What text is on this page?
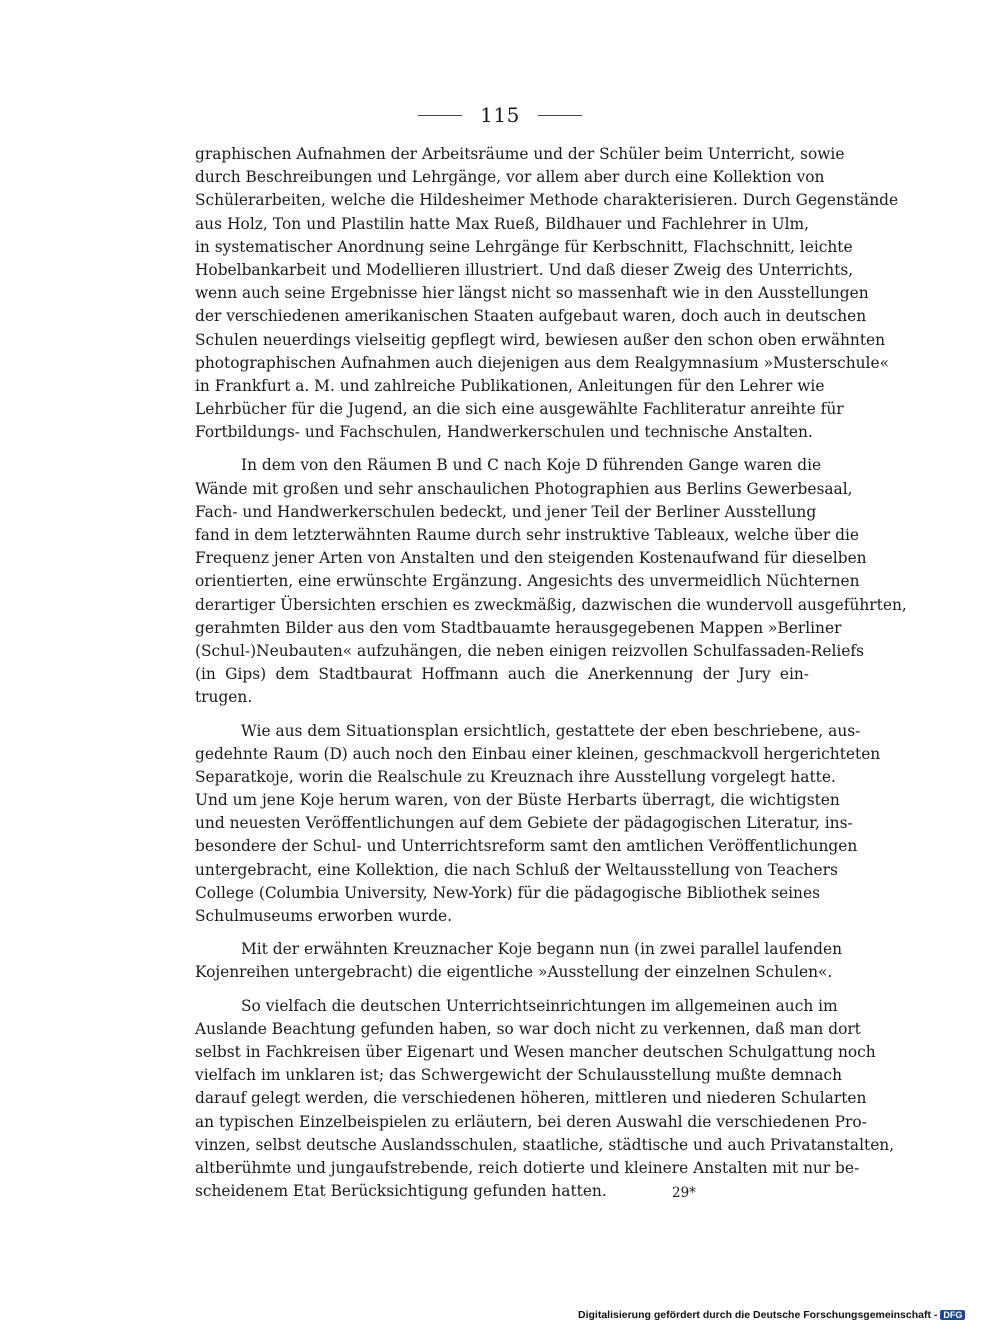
115
graphischen Aufnahmen der Arbeitsräume und der Schüler beim Unterricht, sowie
durch Beschreibungen und Lehrgänge, vor allem aber durch eine Kollektion von
Schülerarbeiten, welche die Hildesheimer Methode charakterisieren. Durch Gegenstände
aus Holz, Ton und Plastilin hatte Max Rueß, Bildhauer und Fachlehrer in Ulm,
in systematischer Anordnung seine Lehrgänge für Kerbschnitt, Flachschnitt, leichte
Hobelbankarbeit und Modellieren illustriert. Und daß dieser Zweig des Unterrichts,
wenn auch seine Ergebnisse hier längst nicht so massenhaft wie in den Ausstellungen
der verschiedenen amerikanischen Staaten aufgebaut waren, doch auch in deutschen
Schulen neuerdings vielseitig gepflegt wird, bewiesen außer den schon oben erwähnten
photographischen Aufnahmen auch diejenigen aus dem Realgymnasium »Musterschule«
in Frankfurt a. M. und zahlreiche Publikationen, Anleitungen für den Lehrer wie
Lehrbücher für die Jugend, an die sich eine ausgewählte Fachliteratur anreihte für
Fortbildungs- und Fachschulen, Handwerkerschulen und technische Anstalten.
In dem von den Räumen B und C nach Koje D führenden Gange waren die
Wände mit großen und sehr anschaulichen Photographien aus Berlins Gewerbesaal,
Fach- und Handwerkerschulen bedeckt, und jener Teil der Berliner Ausstellung
fand in dem letzterwähnten Raume durch sehr instruktive Tableaux, welche über die
Frequenz jener Arten von Anstalten und den steigenden Kostenaufwand für dieselben
orientierten, eine erwünschte Ergänzung. Angesichts des unvermeidlich Nüchternen
derartiger Übersichten erschien es zweckmäßig, dazwischen die wundervoll ausgeführten,
gerahmten Bilder aus den vom Stadtbauamte herausgegebenen Mappen »Berliner
(Schul-)Neubauten« aufzuhängen, die neben einigen reizvollen Schulfassaden-Reliefs
(in Gips) dem Stadtbaurat Hoffmann auch die Anerkennung der Jury ein-
trugen.
Wie aus dem Situationsplan ersichtlich, gestattete der eben beschriebene, aus-
gedehnte Raum (D) auch noch den Einbau einer kleinen, geschmackvoll hergerichteten
Separatkoje, worin die Realschule zu Kreuznach ihre Ausstellung vorgelegt hatte.
Und um jene Koje herum waren, von der Büste Herbarts überragt, die wichtigsten
und neuesten Veröffentlichungen auf dem Gebiete der pädagogischen Literatur, ins-
besondere der Schul- und Unterrichtsreform samt den amtlichen Veröffentlichungen
untergebracht, eine Kollektion, die nach Schluß der Weltausstellung von Teachers
College (Columbia University, New-York) für die pädagogische Bibliothek seines
Schulmuseums erworben wurde.
Mit der erwähnten Kreuznacher Koje begann nun (in zwei parallel laufenden
Kojenreihen untergebracht) die eigentliche »Ausstellung der einzelnen Schulen«.
So vielfach die deutschen Unterrichtseinrichtungen im allgemeinen auch im
Auslande Beachtung gefunden haben, so war doch nicht zu verkennen, daß man dort
selbst in Fachkreisen über Eigenart und Wesen mancher deutschen Schulgattung noch
vielfach im unklaren ist; das Schwergewicht der Schulausstellung mußte demnach
darauf gelegt werden, die verschiedenen höheren, mittleren und niederen Schularten
an typischen Einzelbeispielen zu erläutern, bei deren Auswahl die verschiedenen Pro-
vinzen, selbst deutsche Auslandsschulen, staatliche, städtische und auch Privatanstalten,
altberühmte und jungaufstrebende, reich dotierte und kleinere Anstalten mit nur be-
scheidenem Etat Berücksichtigung gefunden hatten.	29*
Digitalisierung gefördert durch die Deutsche Forschungsgemeinschaft - DFG
